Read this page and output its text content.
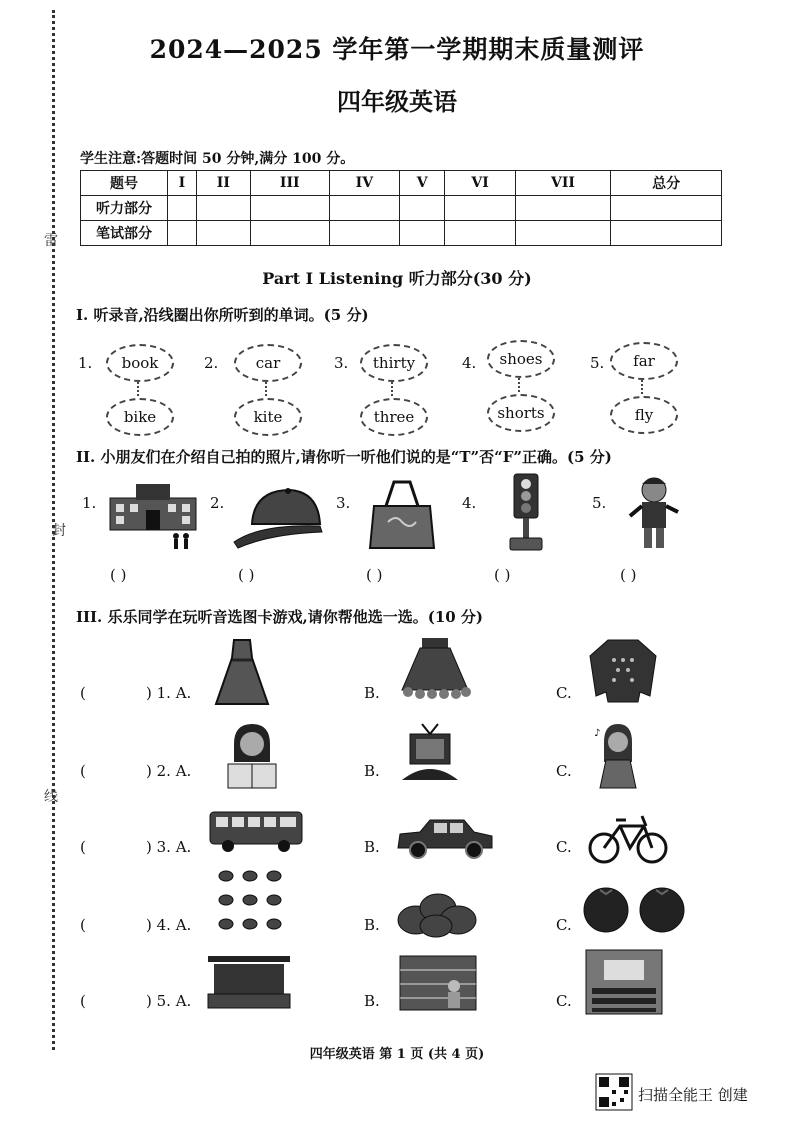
雷
封
线
2024—2025 学年第一学期期末质量测评
四年级英语
学生注意:答题时间 50 分钟,满分 100 分。
题号	I	II	III	IV	V	VI	VII	总分
听力部分								
笔试部分								
Part I Listening 听力部分(30 分)
I. 听录音,沿线圈出你所听到的单词。(5 分)
1.	book
bike
2.	car
kite
3.	thirty
three
4.	shoes
shorts
5.	far
fly
II. 小朋友们在介绍自己拍的照片,请你听一听他们说的是“T”否“F”正确。(5 分)
1.	2.	3.	4.	5.
( )	( )	( )	( )	( )
III. 乐乐同学在玩听音选图卡游戏,请你帮他选一选。(10 分)
(	) 1. A.	B.	C.
(	) 2. A.	B.	C.
♪
(	) 3. A.	B.	C.
(	) 4. A.	B.	C.
(	) 5. A.	B.	C.
四年级英语 第 1 页 (共 4 页)
扫描全能王 创建
